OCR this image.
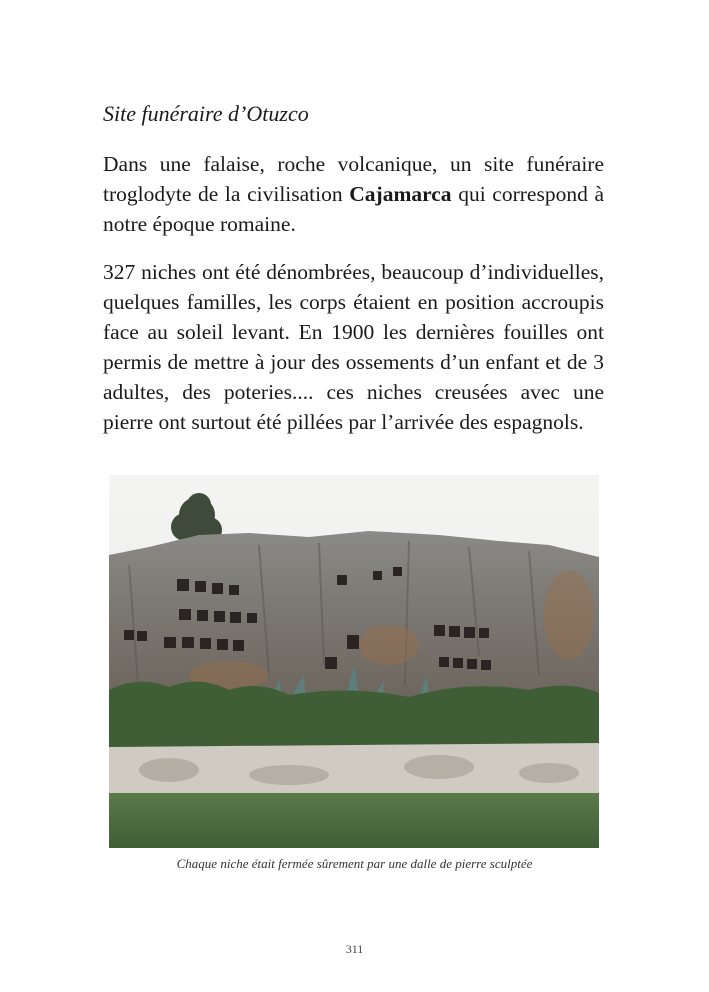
Site funéraire d’Otuzco

Dans une falaise, roche volcanique, un site funéraire troglodyte de la civilisation Cajamarca qui correspond à notre époque romaine.

327 niches ont été dénombrées, beaucoup d’individuelles, quelques familles, les corps étaient en position accroupis face au soleil levant. En 1900 les dernières fouilles ont permis de mettre à jour des ossements d’un enfant et de 3 adultes, des poteries.... ces niches creusées avec une pierre ont surtout été pillées par l’arrivée des espagnols.

Chaque niche était fermée sûrement par une dalle de pierre sculptée

311
